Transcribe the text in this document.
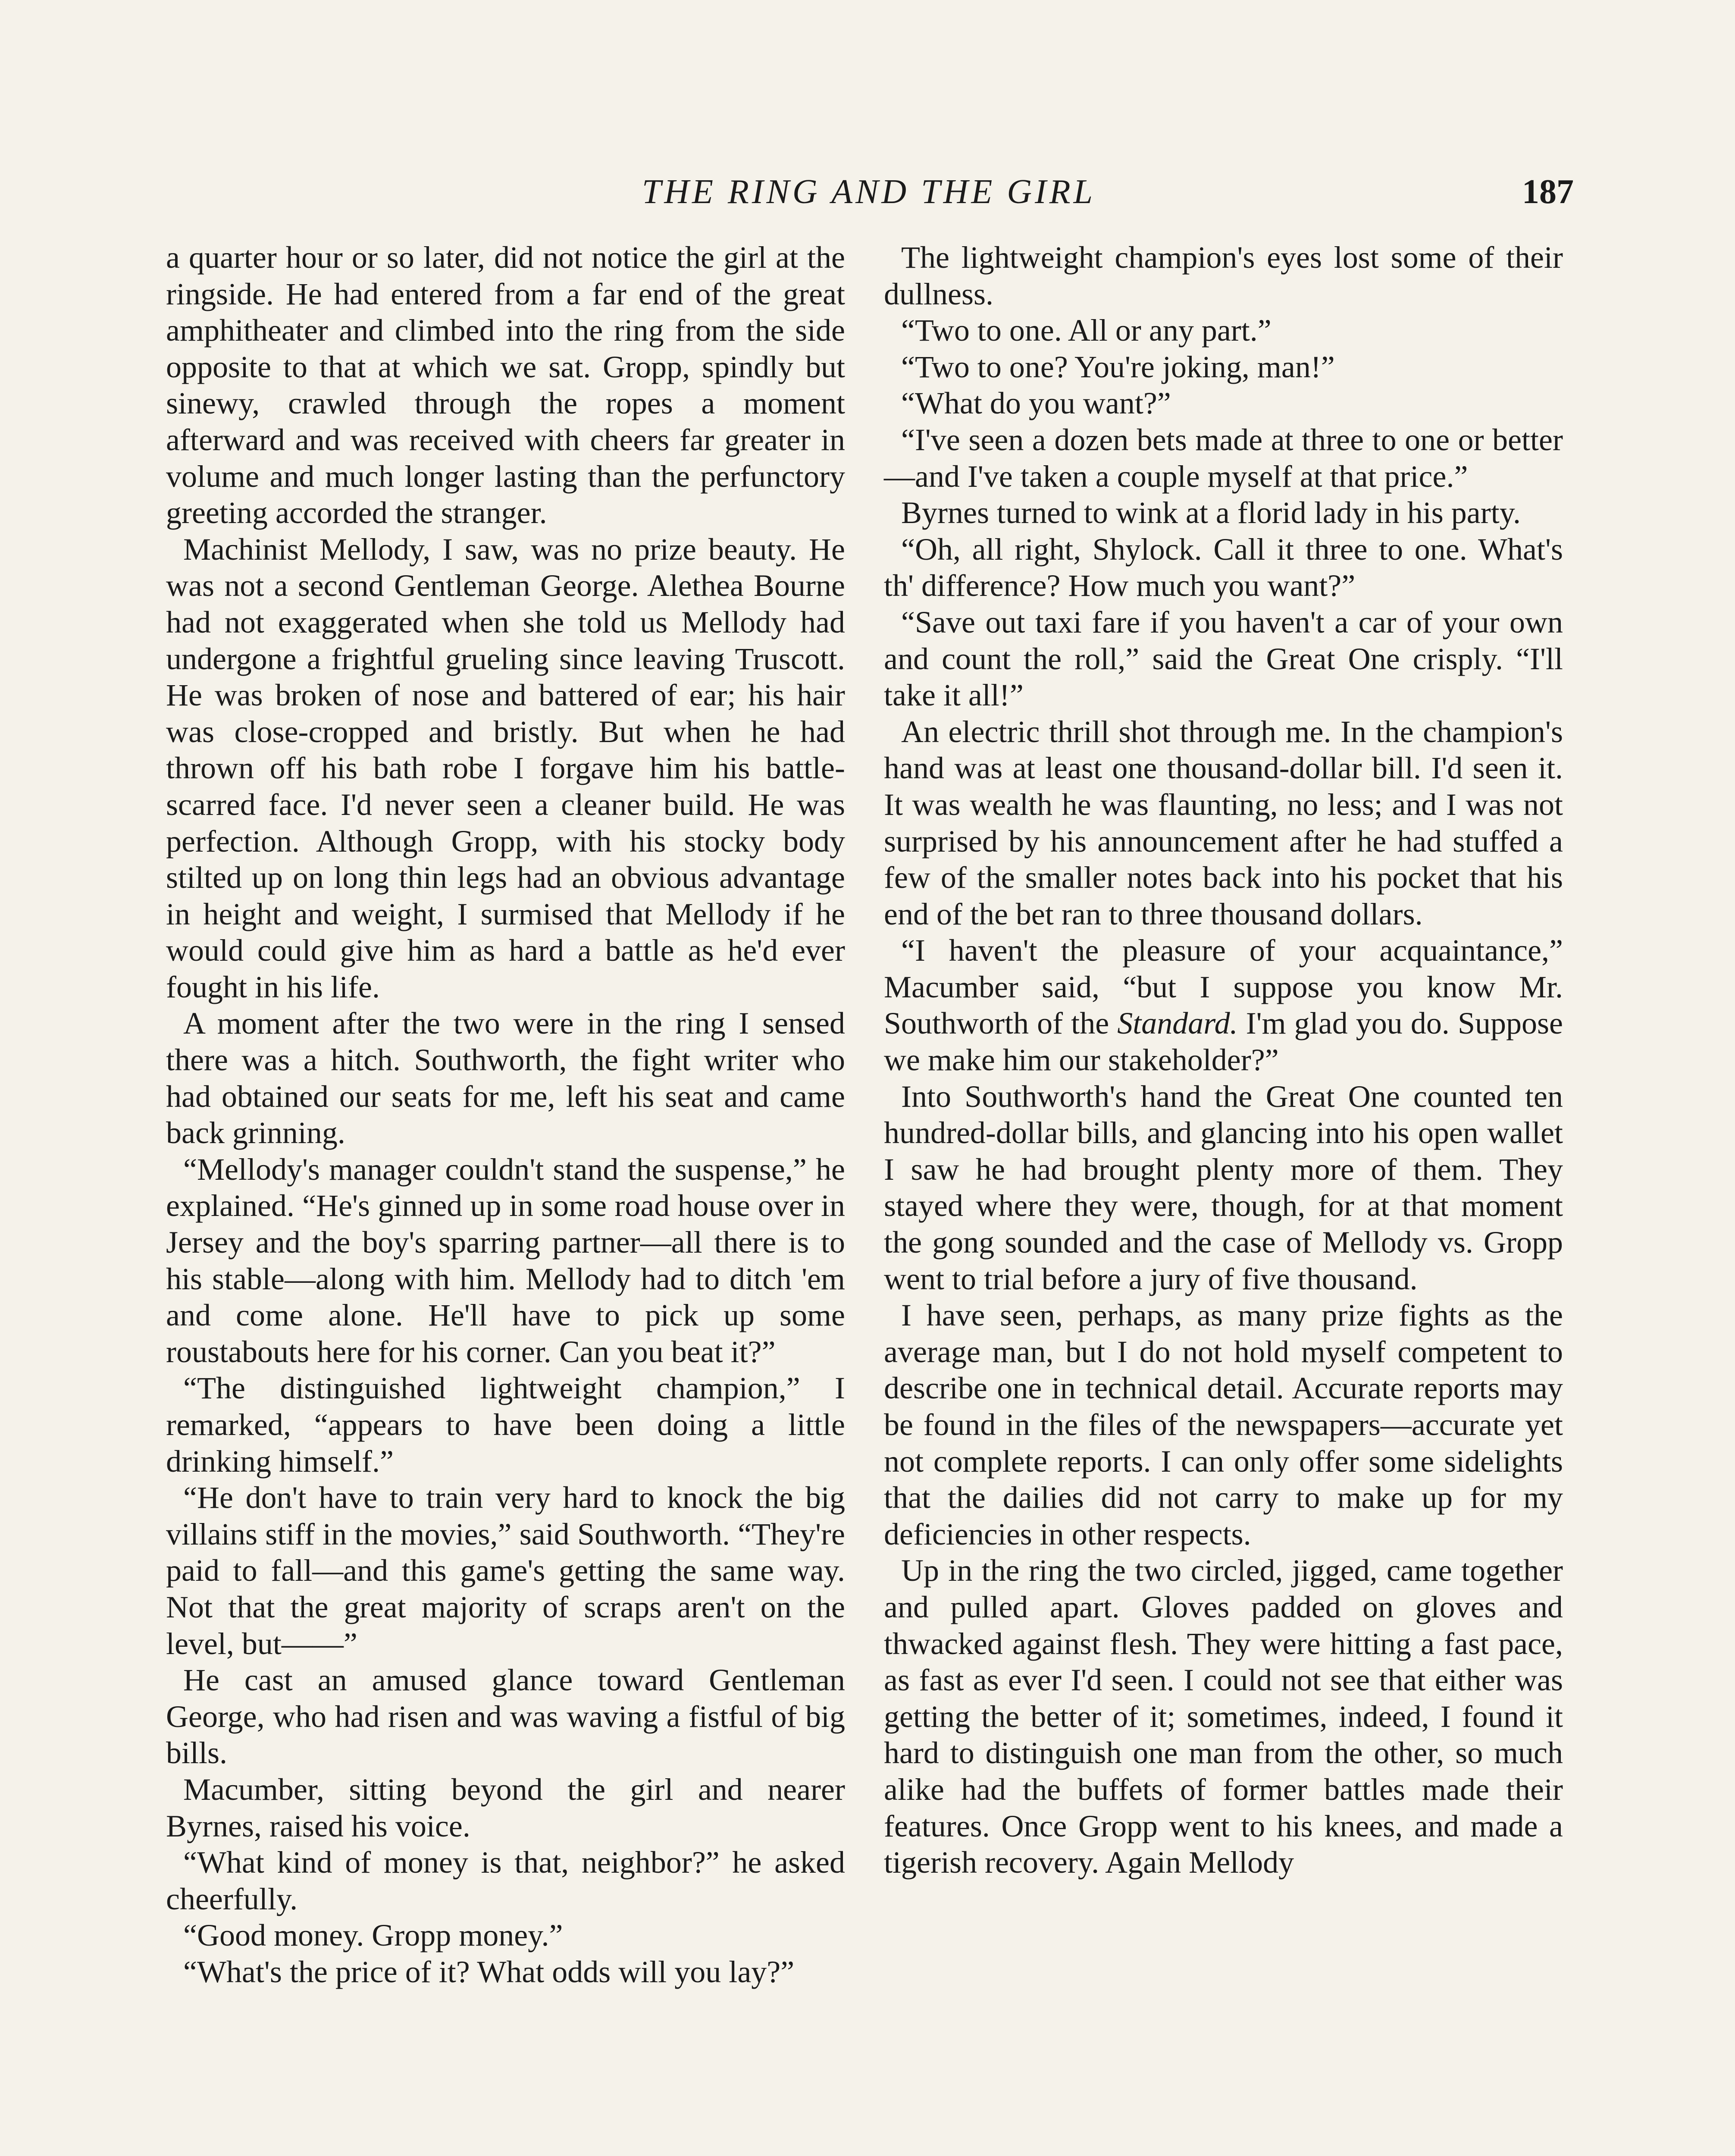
THE RING AND THE GIRL	187

a quarter hour or so later, did not notice the girl at the ringside. He had entered from a far end of the great amphitheater and climbed into the ring from the side opposite to that at which we sat. Gropp, spindly but sinewy, crawled through the ropes a moment afterward and was received with cheers far greater in volume and much longer lasting than the perfunctory greeting accorded the stranger.

Machinist Mellody, I saw, was no prize beauty. He was not a second Gentleman George. Alethea Bourne had not exaggerated when she told us Mellody had undergone a frightful grueling since leaving Truscott. He was broken of nose and battered of ear; his hair was close-cropped and bristly. But when he had thrown off his bath robe I forgave him his battle-scarred face. I'd never seen a cleaner build. He was perfection. Although Gropp, with his stocky body stilted up on long thin legs had an obvious advantage in height and weight, I surmised that Mellody if he would could give him as hard a battle as he'd ever fought in his life.

A moment after the two were in the ring I sensed there was a hitch. Southworth, the fight writer who had obtained our seats for me, left his seat and came back grinning.

“Mellody's manager couldn't stand the suspense,” he explained. “He's ginned up in some road house over in Jersey and the boy's sparring partner—all there is to his stable—along with him. Mellody had to ditch 'em and come alone. He'll have to pick up some roustabouts here for his corner. Can you beat it?”

“The distinguished lightweight champion,” I remarked, “appears to have been doing a little drinking himself.”

“He don't have to train very hard to knock the big villains stiff in the movies,” said Southworth. “They're paid to fall—and this game's getting the same way. Not that the great majority of scraps aren't on the level, but——”

He cast an amused glance toward Gentleman George, who had risen and was waving a fistful of big bills.

Macumber, sitting beyond the girl and nearer Byrnes, raised his voice.

“What kind of money is that, neighbor?” he asked cheerfully.

“Good money. Gropp money.”

“What's the price of it? What odds will you lay?”

The lightweight champion's eyes lost some of their dullness.

“Two to one. All or any part.”

“Two to one? You're joking, man!”

“What do you want?”

“I've seen a dozen bets made at three to one or better—and I've taken a couple myself at that price.”

Byrnes turned to wink at a florid lady in his party.

“Oh, all right, Shylock. Call it three to one. What's th' difference? How much you want?”

“Save out taxi fare if you haven't a car of your own and count the roll,” said the Great One crisply. “I'll take it all!”

An electric thrill shot through me. In the champion's hand was at least one thousand-dollar bill. I'd seen it. It was wealth he was flaunting, no less; and I was not surprised by his announcement after he had stuffed a few of the smaller notes back into his pocket that his end of the bet ran to three thousand dollars.

“I haven't the pleasure of your acquaintance,” Macumber said, “but I suppose you know Mr. Southworth of the Standard. I'm glad you do. Suppose we make him our stakeholder?”

Into Southworth's hand the Great One counted ten hundred-dollar bills, and glancing into his open wallet I saw he had brought plenty more of them. They stayed where they were, though, for at that moment the gong sounded and the case of Mellody vs. Gropp went to trial before a jury of five thousand.

I have seen, perhaps, as many prize fights as the average man, but I do not hold myself competent to describe one in technical detail. Accurate reports may be found in the files of the newspapers—accurate yet not complete reports. I can only offer some sidelights that the dailies did not carry to make up for my deficiencies in other respects.

Up in the ring the two circled, jigged, came together and pulled apart. Gloves padded on gloves and thwacked against flesh. They were hitting a fast pace, as fast as ever I'd seen. I could not see that either was getting the better of it; sometimes, indeed, I found it hard to distinguish one man from the other, so much alike had the buffets of former battles made their features. Once Gropp went to his knees, and made a tigerish recovery. Again Mellody
